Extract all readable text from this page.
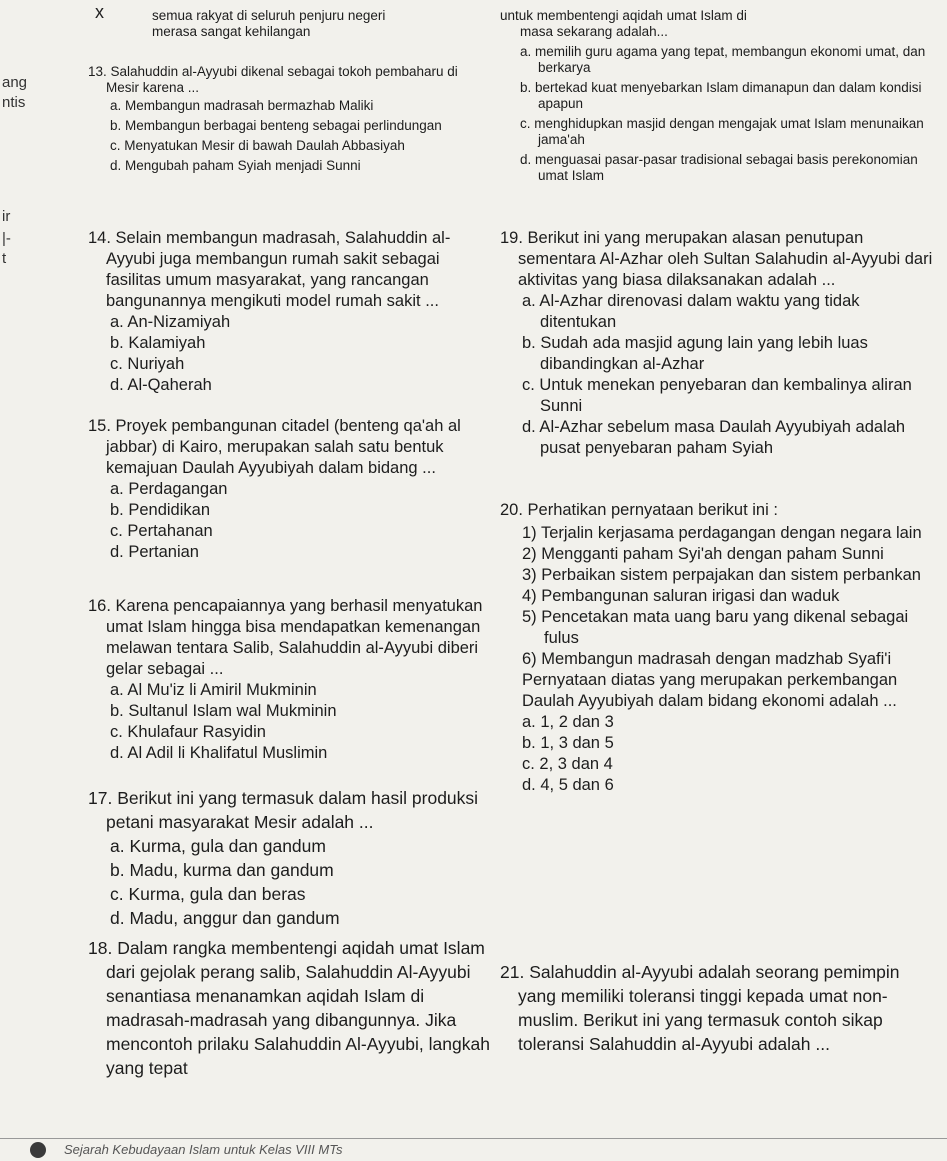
ang
ntis
ir
|-
t
x	semua rakyat di seluruh penjuru negeri
merasa sangat kehilangan

13. Salahuddin al-Ayyubi dikenal sebagai tokoh pembaharu di Mesir karena ...

a. Membangun madrasah bermazhab Maliki
b. Membangun berbagai benteng sebagai perlindungan
c. Menyatukan Mesir di bawah Daulah Abbasiyah
d. Mengubah paham Syiah menjadi Sunni

14. Selain membangun madrasah, Salahuddin al-Ayyubi juga membangun rumah sakit sebagai fasilitas umum masyarakat, yang rancangan bangunannya mengikuti model rumah sakit ...

a. An-Nizamiyah
b. Kalamiyah
c. Nuriyah
d. Al-Qaherah

15. Proyek pembangunan citadel (benteng qa'ah al jabbar) di Kairo, merupakan salah satu bentuk kemajuan Daulah Ayyubiyah dalam bidang ...

a. Perdagangan
b. Pendidikan
c. Pertahanan
d. Pertanian

16. Karena pencapaiannya yang berhasil menyatukan umat Islam hingga bisa mendapatkan kemenangan melawan tentara Salib, Salahuddin al-Ayyubi diberi gelar sebagai ...

a. Al Mu'iz li Amiril Mukminin
b. Sultanul Islam wal Mukminin
c. Khulafaur Rasyidin
d. Al Adil li Khalifatul Muslimin

17. Berikut ini yang termasuk dalam hasil produksi petani masyarakat Mesir adalah ...

a. Kurma, gula dan gandum
b. Madu, kurma dan gandum
c. Kurma, gula dan beras
d. Madu, anggur dan gandum

18. Dalam rangka membentengi aqidah umat Islam dari gejolak perang salib, Salahuddin Al-Ayyubi senantiasa menanamkan aqidah Islam di madrasah-madrasah yang dibangunnya. Jika mencontoh prilaku Salahuddin Al-Ayyubi, langkah yang tepat

untuk membentengi aqidah umat Islam di
masa sekarang adalah...
a. memilih guru agama yang tepat, membangun ekonomi umat, dan berkarya
b. bertekad kuat menyebarkan Islam dimanapun dan dalam kondisi apapun
c. menghidupkan masjid dengan mengajak umat Islam menunaikan jama'ah
d. menguasai pasar-pasar tradisional sebagai basis perekonomian umat Islam

19. Berikut ini yang merupakan alasan penutupan sementara Al-Azhar oleh Sultan Salahudin al-Ayyubi dari aktivitas yang biasa dilaksanakan adalah ...

a. Al-Azhar direnovasi dalam waktu yang tidak ditentukan
b. Sudah ada masjid agung lain yang lebih luas dibandingkan al-Azhar
c. Untuk menekan penyebaran dan kembalinya aliran Sunni
d. Al-Azhar sebelum masa Daulah Ayyubiyah adalah pusat penyebaran paham Syiah

20. Perhatikan pernyataan berikut ini :

1) Terjalin kerjasama perdagangan dengan negara lain
2) Mengganti paham Syi'ah dengan paham Sunni
3) Perbaikan sistem perpajakan dan sistem perbankan
4) Pembangunan saluran irigasi dan waduk
5) Pencetakan mata uang baru yang dikenal sebagai fulus
6) Membangun madrasah dengan madzhab Syafi'i

Pernyataan diatas yang merupakan perkembangan Daulah Ayyubiyah dalam bidang ekonomi adalah ...

a. 1, 2 dan 3
b. 1, 3 dan 5
c. 2, 3 dan 4
d. 4, 5 dan 6

21. Salahuddin al-Ayyubi adalah seorang pemimpin yang memiliki toleransi tinggi kepada umat non-muslim. Berikut ini yang termasuk contoh sikap toleransi Salahuddin al-Ayyubi adalah ...

Sejarah Kebudayaan Islam untuk Kelas VIII MTs
